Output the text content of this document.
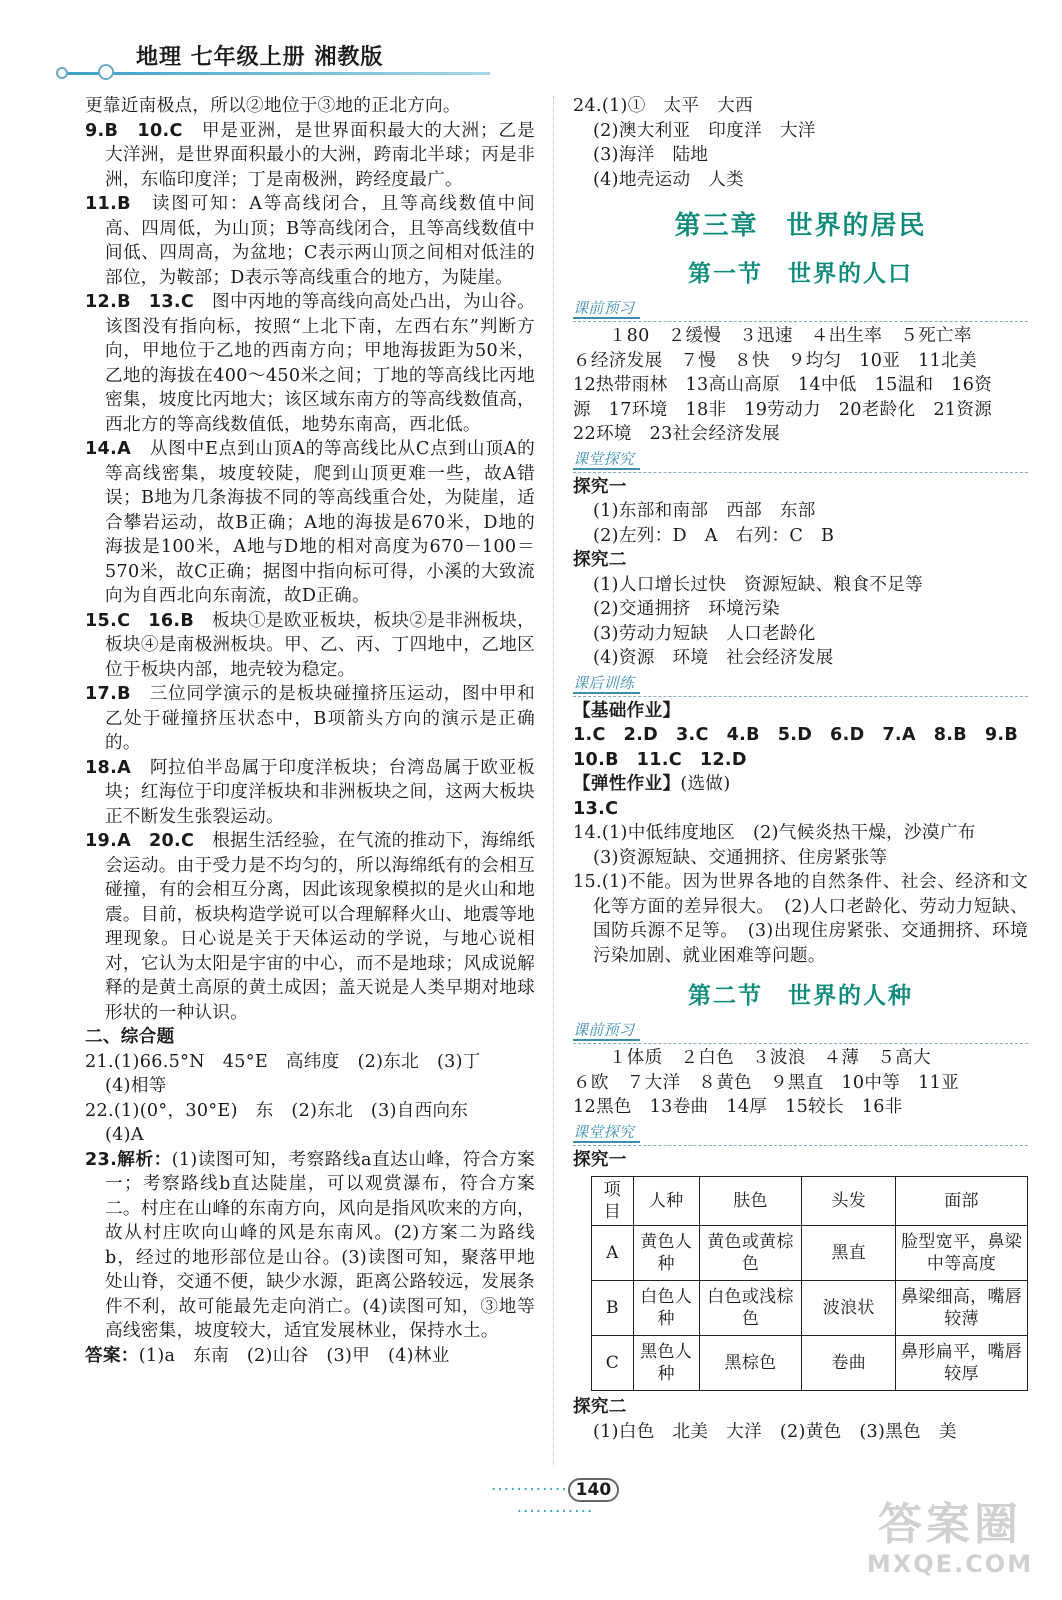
地理 七年级上册 湘教版

更靠近南极点，所以②地位于③地的正北方向。

9.B　10.C　甲是亚洲，是世界面积最大的大洲；乙是大洋洲，是世界面积最小的大洲，跨南北半球；丙是非洲，东临印度洋；丁是南极洲，跨经度最广。

11.B　读图可知：A等高线闭合，且等高线数值中间高、四周低，为山顶；B等高线闭合，且等高线数值中间低、四周高，为盆地；C表示两山顶之间相对低洼的部位，为鞍部；D表示等高线重合的地方，为陡崖。

12.B　13.C　图中丙地的等高线向高处凸出，为山谷。该图没有指向标，按照“上北下南，左西右东”判断方向，甲地位于乙地的西南方向；甲地海拔距为50米，乙地的海拔在400～450米之间；丁地的等高线比丙地密集，坡度比丙地大；该区域东南方的等高线数值高，西北方的等高线数值低，地势东南高，西北低。

14.A　从图中E点到山顶A的等高线比从C点到山顶A的等高线密集，坡度较陡，爬到山顶更难一些，故A错误；B地为几条海拔不同的等高线重合处，为陡崖，适合攀岩运动，故B正确；A地的海拔是670米，D地的海拔是100米，A地与D地的相对高度为670－100＝570米，故C正确；据图中指向标可得，小溪的大致流向为自西北向东南流，故D正确。

15.C　16.B　板块①是欧亚板块，板块②是非洲板块，板块④是南极洲板块。甲、乙、丙、丁四地中，乙地区位于板块内部，地壳较为稳定。

17.B　三位同学演示的是板块碰撞挤压运动，图中甲和乙处于碰撞挤压状态中，B项箭头方向的演示是正确的。

18.A　阿拉伯半岛属于印度洋板块；台湾岛属于欧亚板块；红海位于印度洋板块和非洲板块之间，这两大板块正不断发生张裂运动。

19.A　20.C　根据生活经验，在气流的推动下，海绵纸会运动。由于受力是不均匀的，所以海绵纸有的会相互碰撞，有的会相互分离，因此该现象模拟的是火山和地震。目前，板块构造学说可以合理解释火山、地震等地理现象。日心说是关于天体运动的学说，与地心说相对，它认为太阳是宇宙的中心，而不是地球；风成说解释的是黄土高原的黄土成因；盖天说是人类早期对地球形状的一种认识。

二、综合题

21.(1)66.5°N　45°E　高纬度　(2)东北　(3)丁

(4)相等

22.(1)(0°，30°E)　东　(2)东北　(3)自西向东

(4)A

23.解析：(1)读图可知，考察路线a直达山峰，符合方案一；考察路线b直达陡崖，可以观赏瀑布，符合方案二。村庄在山峰的东南方向，风向是指风吹来的方向，故从村庄吹向山峰的风是东南风。(2)方案二为路线b，经过的地形部位是山谷。(3)读图可知，聚落甲地处山脊，交通不便，缺少水源，距离公路较远，发展条件不利，故可能最先走向消亡。(4)读图可知，③地等高线密集，坡度较大，适宜发展林业，保持水土。

答案：(1)a　东南　(2)山谷　(3)甲　(4)林业

24.(1)①　太平　大西

(2)澳大利亚　印度洋　大洋

(3)海洋　陆地

(4)地壳运动　人类

第三章　世界的居民

第一节　世界的人口

课前预习

　　１80　２缓慢　３迅速　４出生率　５死亡率

６经济发展　７慢　８快　９均匀　10亚　11北美

12热带雨林　13高山高原　14中低　15温和　16资

源　17环境　18非　19劳动力　20老龄化　21资源

22环境　23社会经济发展

课堂探究

探究一

(1)东部和南部　西部　东部

(2)左列：D　A　右列：C　B

探究二

(1)人口增长过快　资源短缺、粮食不足等

(2)交通拥挤　环境污染

(3)劳动力短缺　人口老龄化

(4)资源　环境　社会经济发展

课后训练

【基础作业】

1.C　2.D　3.C　4.B　5.D　6.D　7.A　8.B　9.B

10.B　11.C　12.D

【弹性作业】(选做)

13.C

14.(1)中低纬度地区　(2)气候炎热干燥，沙漠广布

(3)资源短缺、交通拥挤、住房紧张等

15.(1)不能。因为世界各地的自然条件、社会、经济和文化等方面的差异很大。　(2)人口老龄化、劳动力短缺、国防兵源不足等。　(3)出现住房紧张、交通拥挤、环境污染加剧、就业困难等问题。

第二节　世界的人种

课前预习

　　１体质　２白色　３波浪　４薄　５高大

６欧　７大洋　８黄色　９黑直　10中等　11亚

12黑色　13卷曲　14厚　15较长　16非

课堂探究

探究一

项目	人种	肤色	头发	面部
A	黄色人种	黄色或黄棕色	黑直	脸型宽平，鼻梁中等高度
B	白色人种	白色或浅棕色	波浪状	鼻梁细高，嘴唇较薄
C	黑色人种	黑棕色	卷曲	鼻形扁平，嘴唇较厚

探究二

(1)白色　北美　大洋　(2)黄色　(3)黑色　美

············ 140············	答案圈
MXQE.COM
